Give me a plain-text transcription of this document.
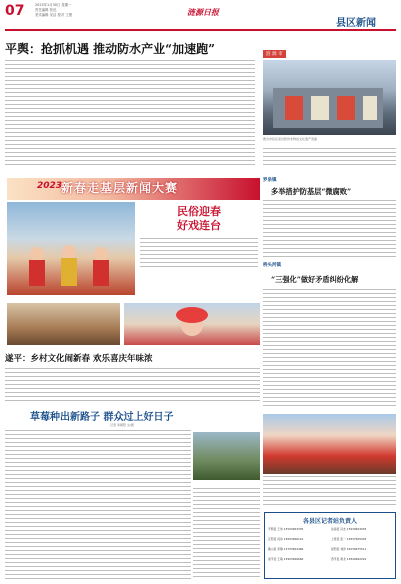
07	2023年1月30日 星期一
责任编辑 张迅
美术编辑 吴洁 校对 王蕾	涟源日报
县区新闻
平舆：抢抓机遇 推动防水产业“加速跑”	涟 源 市
图为市民在某村欣赏非物质文化遗产表演
2023
新春走基层新闻大赛
民俗迎春
好戏连台
遂平：乡村文化闹新春 欢乐喜庆年味浓
草莓种出新路子 群众过上好日子
记者 李朝阳 文/图
罗泉镇
多举措护防基层“微腐败”
桥头河镇
“三强化”做好矛盾纠纷化解
各县区记者站负责人
平舆县 王伟 13503963335	汝南县 冯杰 13939603003
正阳县 何伟 13603966122	上蔡县 张一 13837605003
确山县 李静 13703964466	泌阳县 刘洋 15039675511
遂平县 王敏 13903966666	西平县 黄龙 13849662222
